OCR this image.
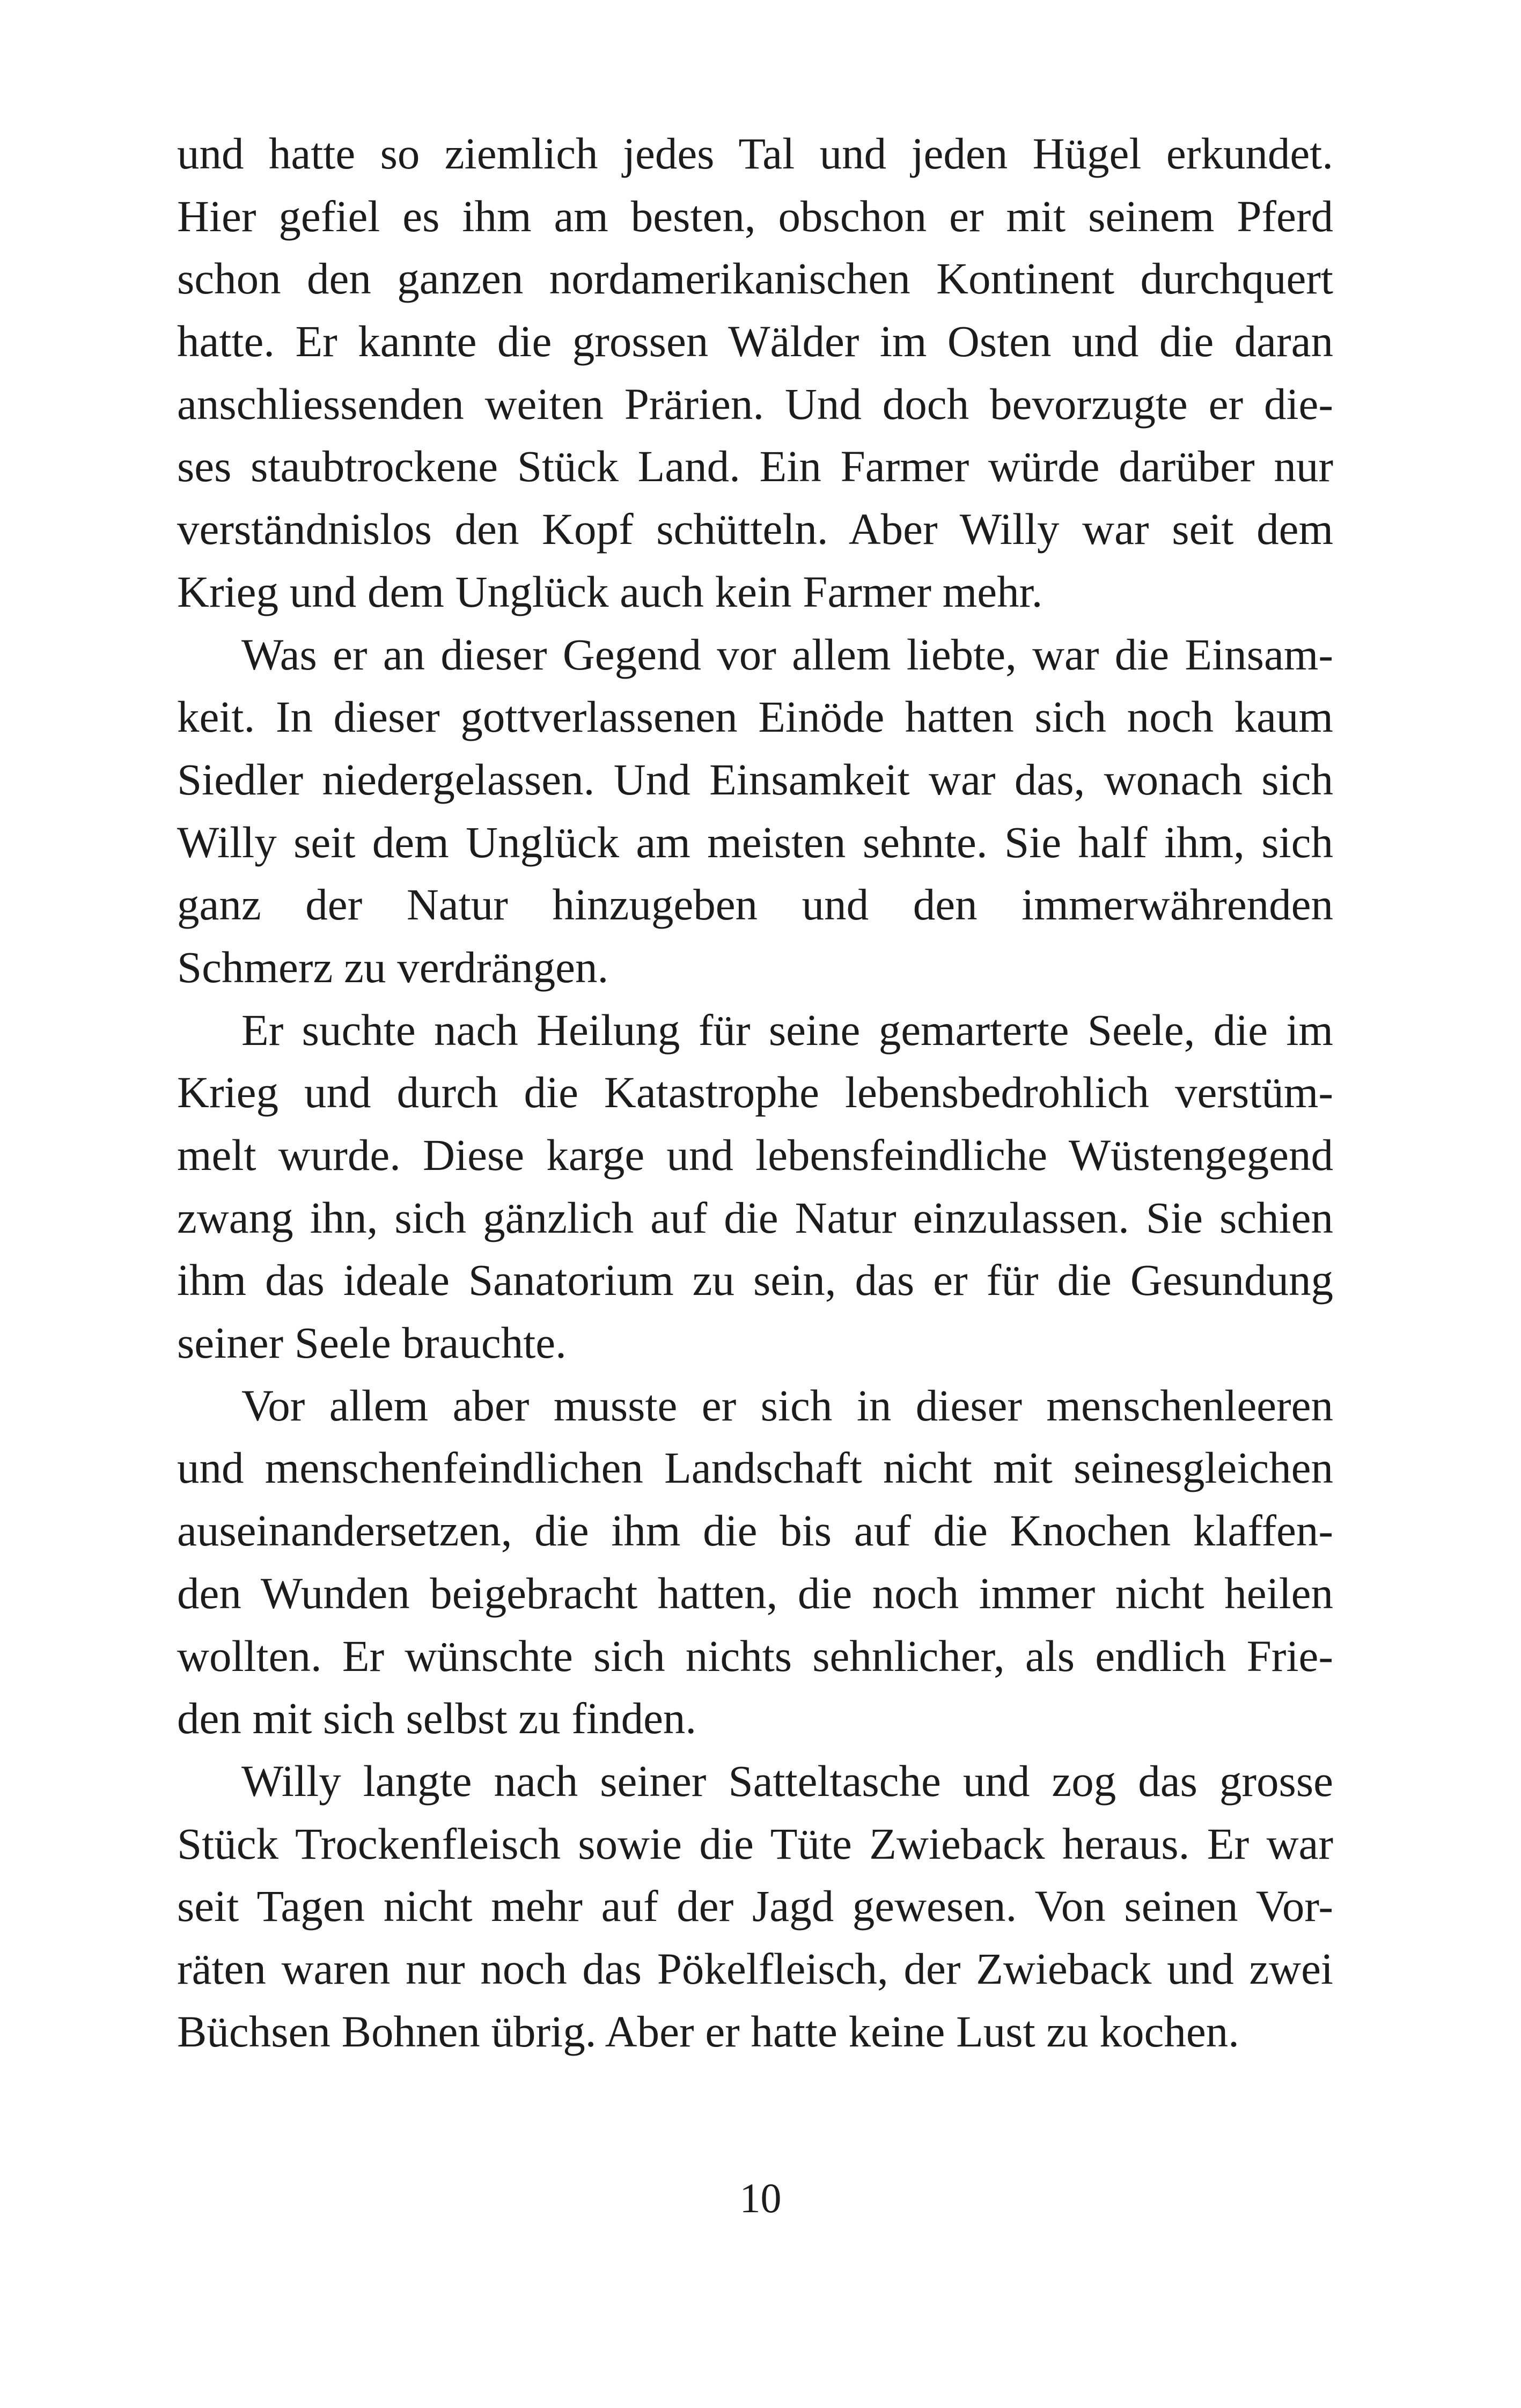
und hatte so ziemlich jedes Tal und jeden Hügel erkundet.
Hier gefiel es ihm am besten, obschon er mit seinem Pferd
schon den ganzen nordamerikanischen Kontinent durchquert
hatte. Er kannte die grossen Wälder im Osten und die daran
anschliessenden weiten Prärien. Und doch bevorzugte er die-
ses staubtrockene Stück Land. Ein Farmer würde darüber nur
verständnislos den Kopf schütteln. Aber Willy war seit dem
Krieg und dem Unglück auch kein Farmer mehr.
Was er an dieser Gegend vor allem liebte, war die Einsam-
keit. In dieser gottverlassenen Einöde hatten sich noch kaum
Siedler niedergelassen. Und Einsamkeit war das, wonach sich
Willy seit dem Unglück am meisten sehnte. Sie half ihm, sich
ganz der Natur hinzugeben und den immerwährenden
Schmerz zu verdrängen.
Er suchte nach Heilung für seine gemarterte Seele, die im
Krieg und durch die Katastrophe lebensbedrohlich verstüm-
melt wurde. Diese karge und lebensfeindliche Wüstengegend
zwang ihn, sich gänzlich auf die Natur einzulassen. Sie schien
ihm das ideale Sanatorium zu sein, das er für die Gesundung
seiner Seele brauchte.
Vor allem aber musste er sich in dieser menschenleeren
und menschenfeindlichen Landschaft nicht mit seinesgleichen
auseinandersetzen, die ihm die bis auf die Knochen klaffen-
den Wunden beigebracht hatten, die noch immer nicht heilen
wollten. Er wünschte sich nichts sehnlicher, als endlich Frie-
den mit sich selbst zu finden.
Willy langte nach seiner Satteltasche und zog das grosse
Stück Trockenfleisch sowie die Tüte Zwieback heraus. Er war
seit Tagen nicht mehr auf der Jagd gewesen. Von seinen Vor-
räten waren nur noch das Pökelfleisch, der Zwieback und zwei
Büchsen Bohnen übrig. Aber er hatte keine Lust zu kochen.
10
